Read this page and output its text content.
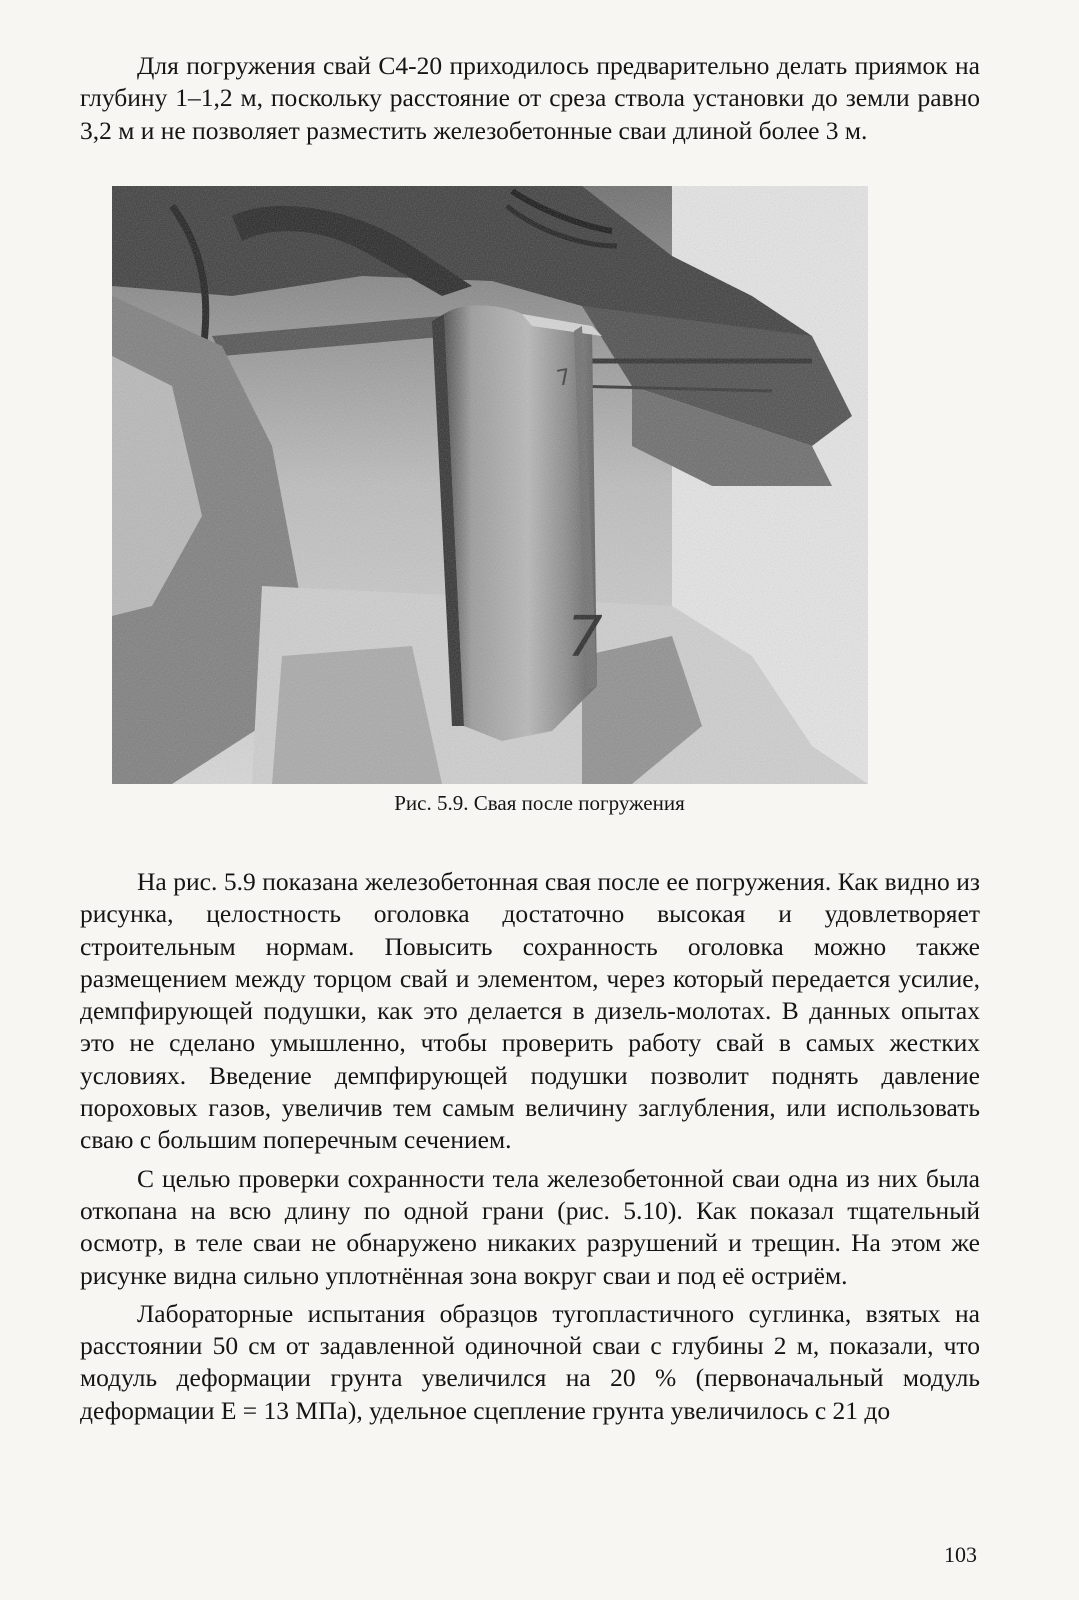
Для погружения свай С4-20 приходилось предварительно делать приямок на глубину 1–1,2 м, поскольку расстояние от среза ствола установки до земли равно 3,2 м и не позволяет разместить железобетонные сваи длиной более 3 м.

Рис. 5.9. Свая после погружения

На рис. 5.9 показана железобетонная свая после ее погружения. Как видно из рисунка, целостность оголовка достаточно высокая и удовлетворяет строительным нормам. Повысить сохранность оголовка можно также размещением между торцом свай и элементом, через который передается усилие, демпфирующей подушки, как это делается в дизель-молотах. В данных опытах это не сделано умышленно, чтобы проверить работу свай в самых жестких условиях. Введение демпфирующей подушки позволит поднять давление пороховых газов, увеличив тем самым величину заглубления, или использовать сваю с большим поперечным сечением.

С целью проверки сохранности тела железобетонной сваи одна из них была откопана на всю длину по одной грани (рис. 5.10). Как показал тщательный осмотр, в теле сваи не обнаружено никаких разрушений и трещин. На этом же рисунке видна сильно уплотнённая зона вокруг сваи и под её остриём.

Лабораторные испытания образцов тугопластичного суглинка, взятых на расстоянии 50 см от задавленной одиночной сваи с глубины 2 м, показали, что модуль деформации грунта увеличился на 20 % (первоначальный модуль деформации E = 13 МПа), удельное сцепление грунта увеличилось с 21 до

103
